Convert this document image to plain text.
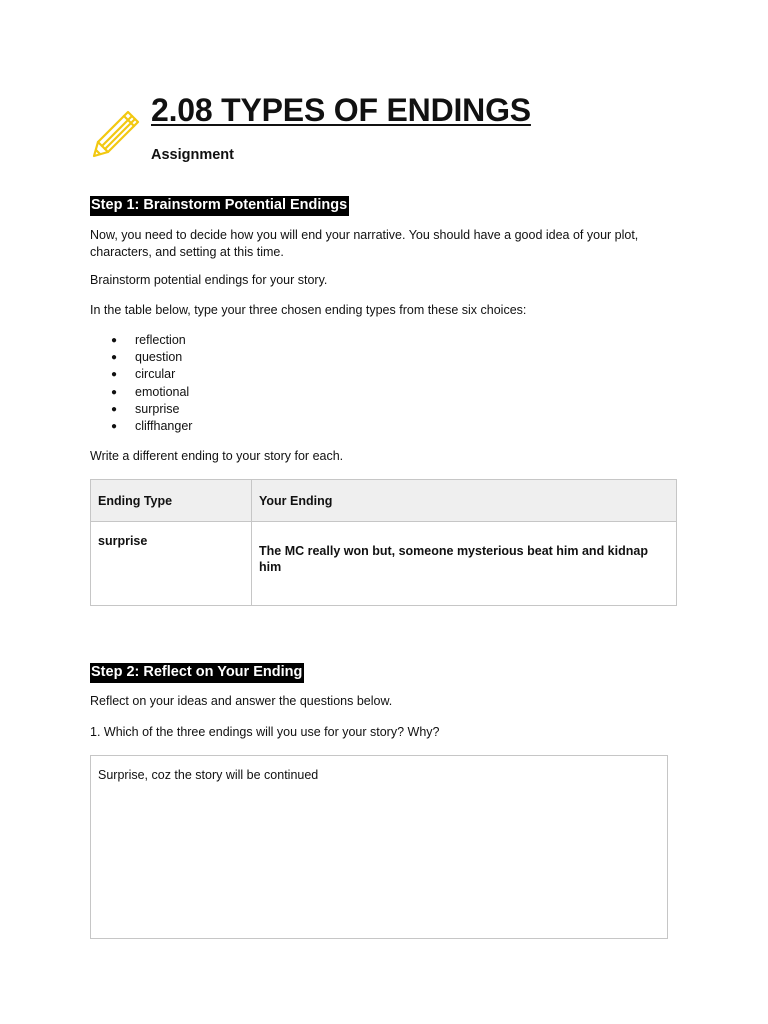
2.08 TYPES OF ENDINGS
Assignment
Step 1: Brainstorm Potential Endings

Now, you need to decide how you will end your narrative. You should have a good idea of your plot, characters, and setting at this time.

Brainstorm potential endings for your story.

In the table below, type your three chosen ending types from these six choices:

● reflection
● question
● circular
● emotional
● surprise
● cliffhanger

Write a different ending to your story for each.

Ending Type	Your Ending
surprise	The MC really won but, someone mysterious beat him and kidnap him
Step 2: Reflect on Your Ending

Reflect on your ideas and answer the questions below.

1. Which of the three endings will you use for your story? Why?

Surprise, coz the story will be continued
